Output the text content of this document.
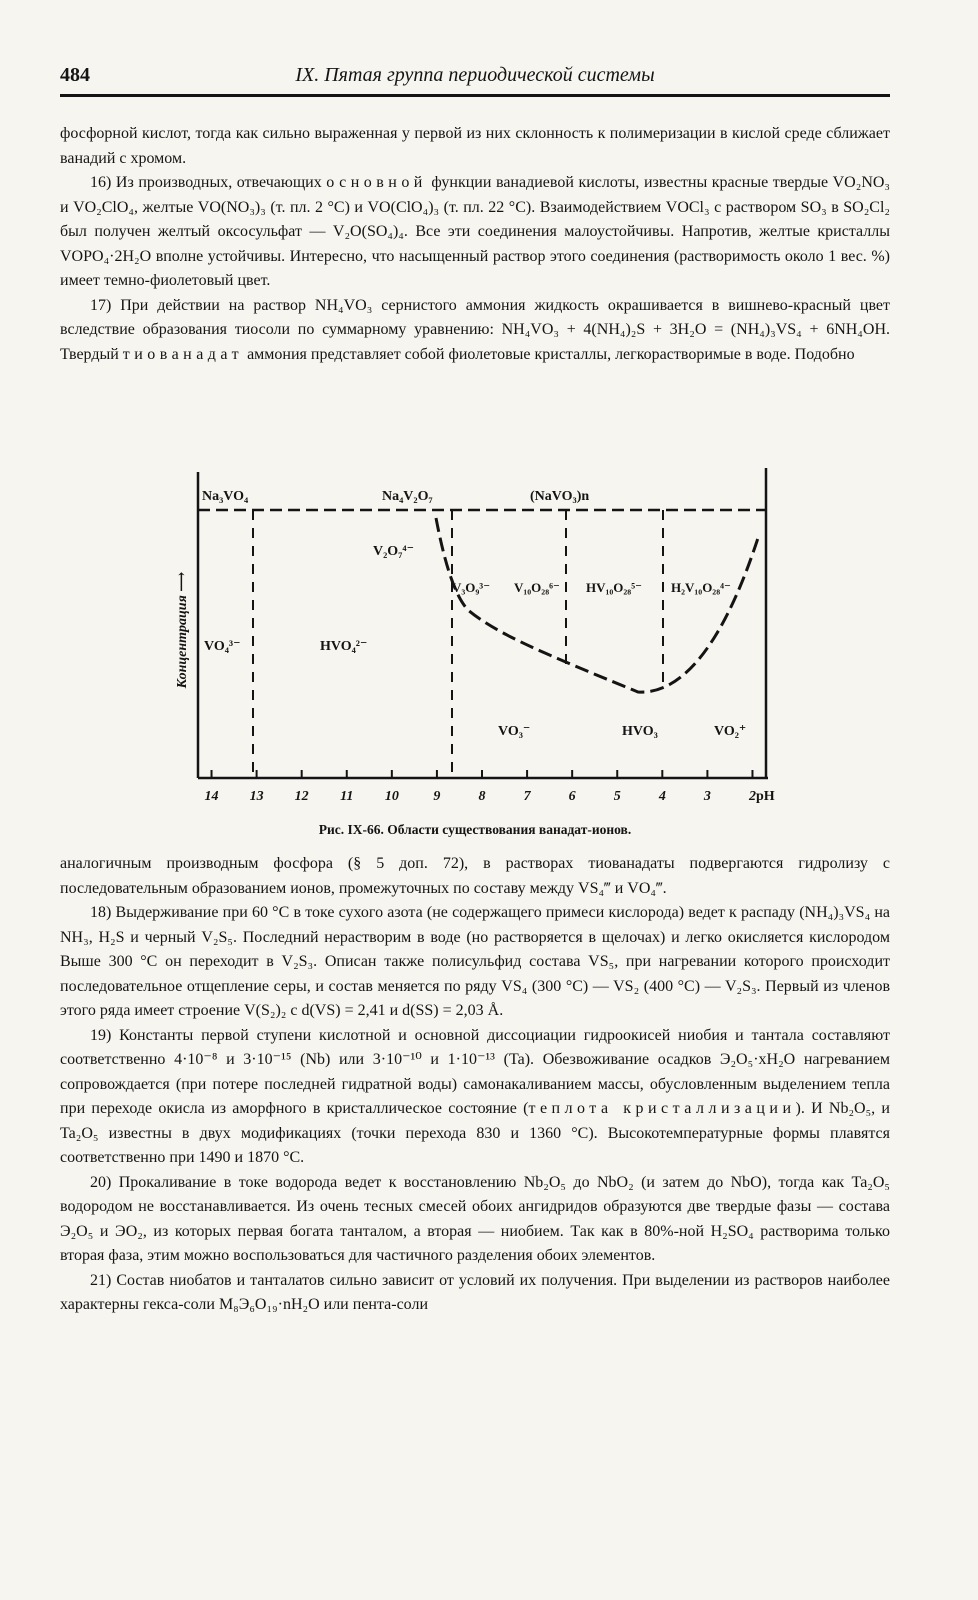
484	IX. Пятая группа периодической системы

фосфорной кислот, тогда как сильно выраженная у первой из них склонность к полимеризации в кислой среде сближает ванадий с хромом.

16) Из производных, отвечающих основной функции ванадиевой кислоты, известны красные твердые VO₂NO₃ и VO₂ClO₄, желтые VO(NO₃)₃ (т. пл. 2 °С) и VO(ClO₄)₃ (т. пл. 22 °С). Взаимодействием VOCl₃ с раствором SO₃ в SO₂Cl₂ был получен желтый оксосульфат — V₂O(SO₄)₄. Все эти соединения малоустойчивы. Напротив, желтые кристаллы VOPO₄·2H₂O вполне устойчивы. Интересно, что насыщенный раствор этого соединения (растворимость около 1 вес. %) имеет темно-фиолетовый цвет.

17) При действии на раствор NH₄VO₃ сернистого аммония жидкость окрашивается в вишнево-красный цвет вследствие образования тиосоли по суммарному уравнению: NH₄VO₃ + 4(NH₄)₂S + 3H₂O = (NH₄)₃VS₄ + 6NH₄OH. Твердый тиованадат аммония представляет собой фиолетовые кристаллы, легкорастворимые в воде. Подобно

Концентрация ⟶
Na₃VO₄	Na₄V₂O₇	(NaVO₃)n
V₂O₇⁴⁻
V₃O₉³⁻ V₁₀O₂₈⁶⁻ HV₁₀O₂₈⁵⁻ H₂V₁₀O₂₈⁴⁻
VO₄³⁻	HVO₄²⁻
VO₃⁻	HVO₃	VO₂⁺
14 13 12 11 10 9	8	7	6	5	4	3	2 pH
Рис. IX-66. Области существования ванадат-ионов.

аналогичным производным фосфора (§ 5 доп. 72), в растворах тиованадаты подвергаются гидролизу с последовательным образованием ионов, промежуточных по составу между VS₄‴ и VO₄‴.

18) Выдерживание при 60 °С в токе сухого азота (не содержащего примеси кислорода) ведет к распаду (NH₄)₃VS₄ на NH₃, H₂S и черный V₂S₅. Последний нерастворим в воде (но растворяется в щелочах) и легко окисляется кислородом Выше 300 °С он переходит в V₂S₃. Описан также полисульфид состава VS₅, при нагревании которого происходит последовательное отщепление серы, и состав меняется по ряду VS₄ (300 °С) — VS₂ (400 °С) — V₂S₃. Первый из членов этого ряда имеет строение V(S₂)₂ с d(VS) = 2,41 и d(SS) = 2,03 Å.

19) Константы первой ступени кислотной и основной диссоциации гидроокисей ниобия и тантала составляют соответственно 4·10⁻⁸ и 3·10⁻¹⁵ (Nb) или 3·10⁻¹⁰ и 1·10⁻¹³ (Ta). Обезвоживание осадков Э₂О₅·xH₂O нагреванием сопровождается (при потере последней гидратной воды) самонакаливанием массы, обусловленным выделением тепла при переходе окисла из аморфного в кристаллическое состояние (теплота кристаллизации). И Nb₂O₅, и Ta₂O₅ известны в двух модификациях (точки перехода 830 и 1360 °С). Высокотемпературные формы плавятся соответственно при 1490 и 1870 °С.

20) Прокаливание в токе водорода ведет к восстановлению Nb₂O₅ до NbO₂ (и затем до NbO), тогда как Ta₂O₅ водородом не восстанавливается. Из очень тесных смесей обоих ангидридов образуются две твердые фазы — состава Э₂О₅ и ЭО₂, из которых первая богата танталом, а вторая — ниобием. Так как в 80%-ной H₂SO₄ растворима только вторая фаза, этим можно воспользоваться для частичного разделения обоих элементов.

21) Состав ниобатов и танталатов сильно зависит от условий их получения. При выделении из растворов наиболее характерны гекса-соли M₈Э₆O₁₉·nH₂O или пента-соли
